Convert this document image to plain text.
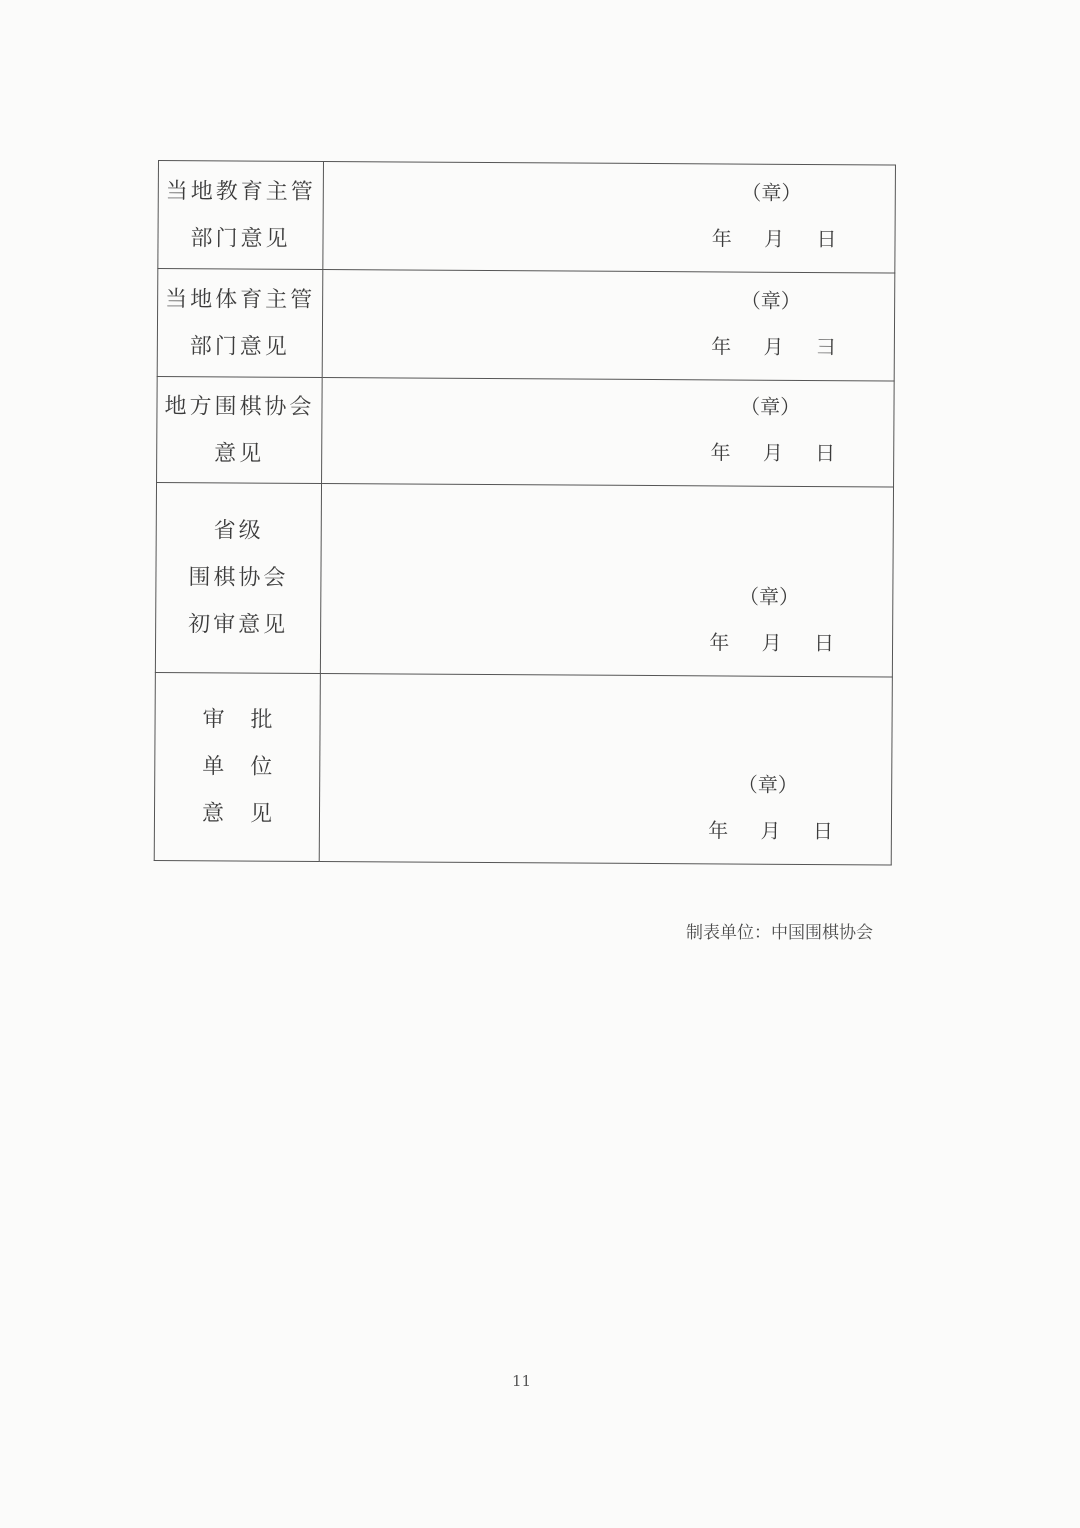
当地教育主管
部门意见	（章）
年 月 日

当地体育主管
部门意见	（章）
年 月 彐

地方围棋协会
意见	（章）
年 月 日

省级
围棋协会
初审意见	（章）
年 月 日

审批
单位
意见	（章）
年 月 日
制表单位：中国围棋协会
11
